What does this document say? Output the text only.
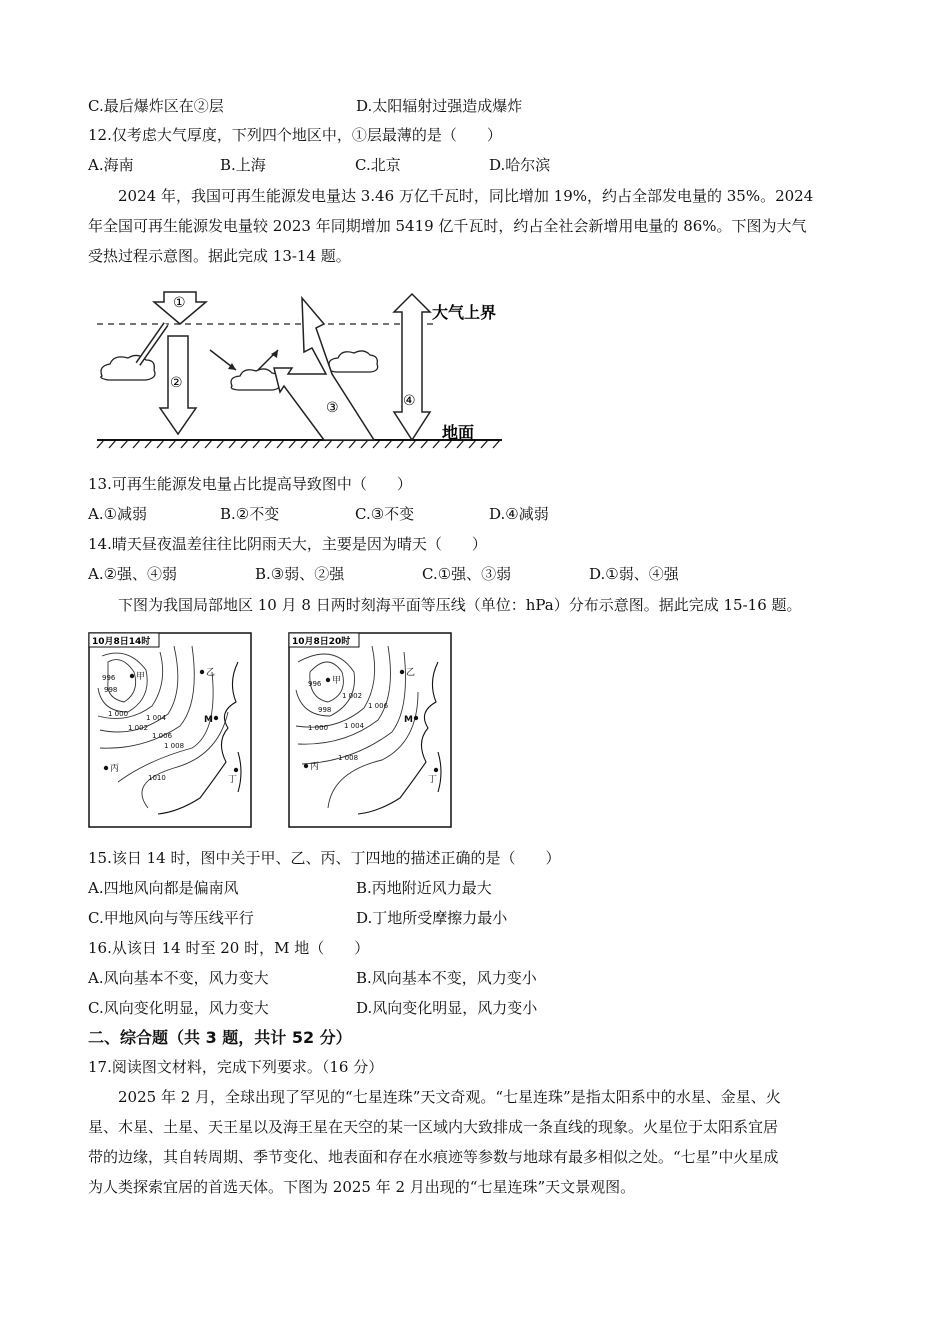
C.最后爆炸区在②层	D.太阳辐射过强造成爆炸
12.仅考虑大气厚度，下列四个地区中，①层最薄的是（　　）
A.海南	B.上海	C.北京	D.哈尔滨
2024 年，我国可再生能源发电量达 3.46 万亿千瓦时，同比增加 19%，约占全部发电量的 35%。2024
年全国可再生能源发电量较 2023 年同期增加 5419 亿千瓦时，约占全社会新增用电量的 86%。下图为大气
受热过程示意图。据此完成 13-14 题。
大气上界
地面
①
②
③	④
13.可再生能源发电量占比提高导致图中（　　）
A.①减弱	B.②不变	C.③不变	D.④减弱
14.晴天昼夜温差往往比阴雨天大，主要是因为晴天（　　）
A.②强、④弱	B.③弱、②强	C.①强、③弱	D.①弱、④强
下图为我国局部地区 10 月 8 日两时刻海平面等压线（单位：hPa）分布示意图。据此完成 15-16 题。
10月8日14时
996
998
1 000
1 002
1 004
1 006
1 008
1010
甲	乙
丙
丁
M
10月8日20时
996
998
1 000
1 002
1 004
1 006
1 008
甲
乙
丙
丁
M
15.该日 14 时，图中关于甲、乙、丙、丁四地的描述正确的是（　　）
A.四地风向都是偏南风	B.丙地附近风力最大
C.甲地风向与等压线平行	D.丁地所受摩擦力最小
16.从该日 14 时至 20 时，M 地（　　）
A.风向基本不变，风力变大	B.风向基本不变，风力变小
C.风向变化明显，风力变大	D.风向变化明显，风力变小
二、综合题（共 3 题，共计 52 分）
17.阅读图文材料，完成下列要求。（16 分）
2025 年 2 月，全球出现了罕见的“七星连珠”天文奇观。“七星连珠”是指太阳系中的水星、金星、火
星、木星、土星、天王星以及海王星在天空的某一区域内大致排成一条直线的现象。火星位于太阳系宜居
带的边缘，其自转周期、季节变化、地表面和存在水痕迹等参数与地球有最多相似之处。“七星”中火星成
为人类探索宜居的首选天体。下图为 2025 年 2 月出现的“七星连珠”天文景观图。
